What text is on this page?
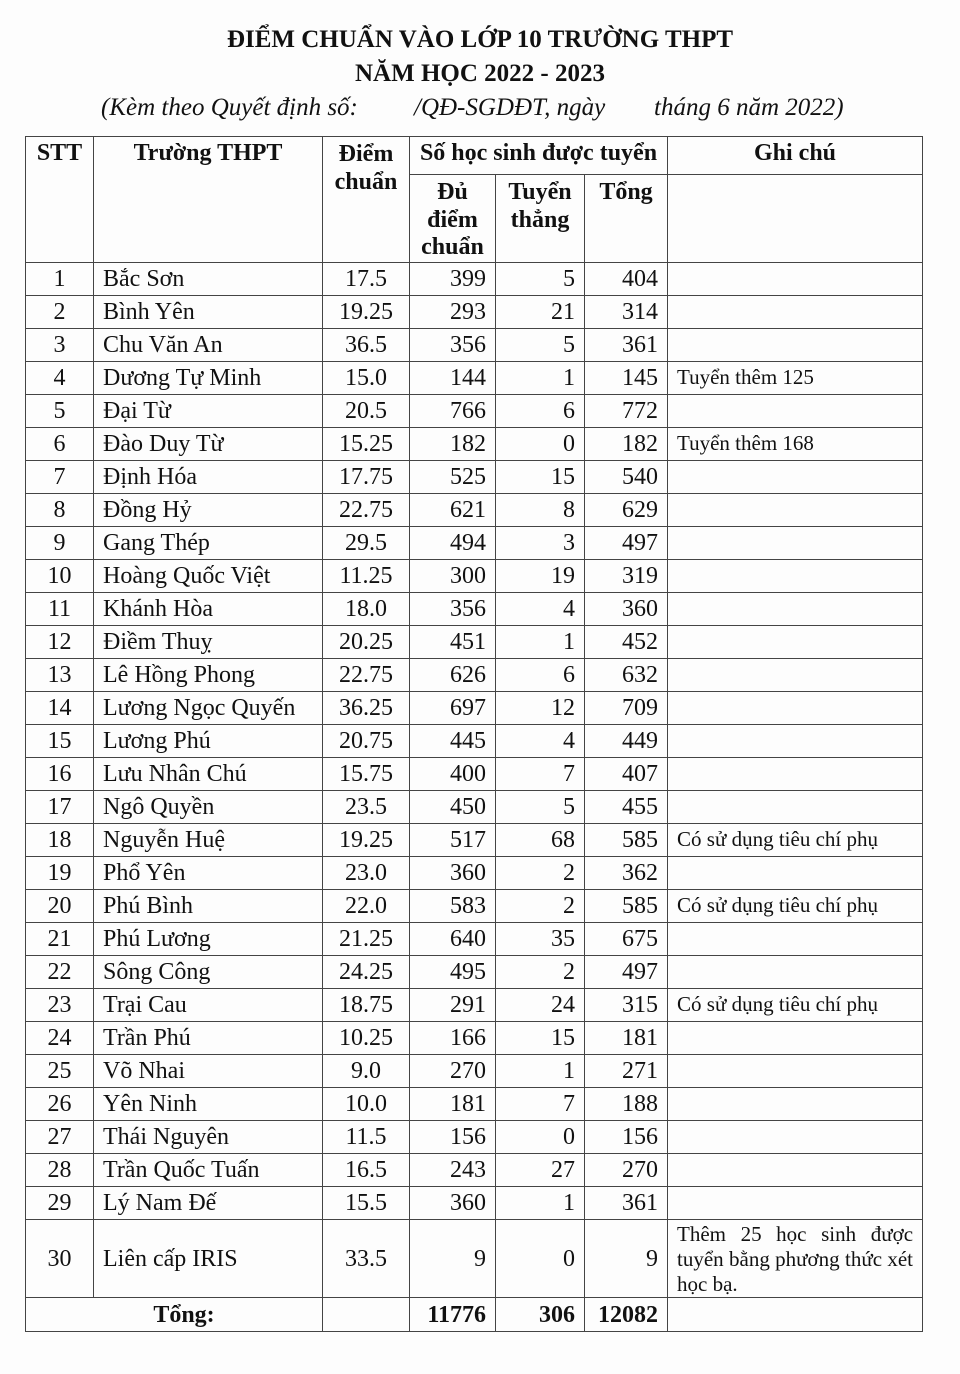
ĐIỂM CHUẨN VÀO LỚP 10 TRƯỜNG THPT
NĂM HỌC 2022 - 2023
(Kèm theo Quyết định số: /QĐ-SGDĐT, ngày tháng 6 năm 2022)
STT	Trường THPT	Điểm chuẩn	Số học sinh được tuyển			Ghi chú
			Đủ điểm chuẩn	Tuyển thẳng	Tổng	
1	Bắc Sơn	17.5	399	5	404	
2	Bình Yên	19.25	293	21	314	
3	Chu Văn An	36.5	356	5	361	
4	Dương Tự Minh	15.0	144	1	145	Tuyển thêm 125
5	Đại Từ	20.5	766	6	772	
6	Đào Duy Từ	15.25	182	0	182	Tuyển thêm 168
7	Định Hóa	17.75	525	15	540	
8	Đồng Hỷ	22.75	621	8	629	
9	Gang Thép	29.5	494	3	497	
10	Hoàng Quốc Việt	11.25	300	19	319	
11	Khánh Hòa	18.0	356	4	360	
12	Điềm Thuỵ	20.25	451	1	452	
13	Lê Hồng Phong	22.75	626	6	632	
14	Lương Ngọc Quyến	36.25	697	12	709	
15	Lương Phú	20.75	445	4	449	
16	Lưu Nhân Chú	15.75	400	7	407	
17	Ngô Quyền	23.5	450	5	455	
18	Nguyễn Huệ	19.25	517	68	585	Có sử dụng tiêu chí phụ
19	Phổ Yên	23.0	360	2	362	
20	Phú Bình	22.0	583	2	585	Có sử dụng tiêu chí phụ
21	Phú Lương	21.25	640	35	675	
22	Sông Công	24.25	495	2	497	
23	Trại Cau	18.75	291	24	315	Có sử dụng tiêu chí phụ
24	Trần Phú	10.25	166	15	181	
25	Võ Nhai	9.0	270	1	271	
26	Yên Ninh	10.0	181	7	188	
27	Thái Nguyên	11.5	156	0	156	
28	Trần Quốc Tuấn	16.5	243	27	270	
29	Lý Nam Đế	15.5	360	1	361	
30	Liên cấp IRIS	33.5	9	0	9	Thêm 25 học sinh được tuyển bằng phương thức xét học bạ.
Tổng:			11776	306	12082	
